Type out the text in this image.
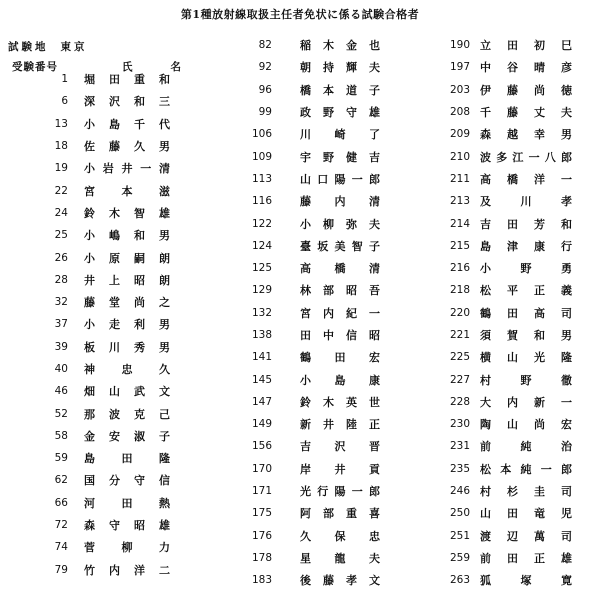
第1種放射線取扱主任者免状に係る試験合格者
試験地 東京
受験番号	氏名
1 堀田重和
6 深沢和三
13 小島千代
18 佐藤久男
19 小岩井一清
22 宮本滋
24 鈴木智雄
25 小嶋和男
26 小原嗣朗
28 井上昭朗
32 藤堂尚之
37 小走利男
39 板川秀男
40 神忠久
46 畑山武文
52 那波克己
58 金安淑子
59 島田隆
62 国分守信
66 河田熱
72 森守昭雄
74 菅柳力
79 竹内洋二
82	稲木金也
92	朝持輝夫
96	橋本道子
99	政野守雄
106	川崎了
109	宇野健吉
113	山口陽一郎
116	藤内清
122	小柳弥夫
124	臺坂美智子
125	高橋清
129	林部昭吾
132	宮内紀一
138	田中信昭
141	鶴田宏
145	小島康
147	鈴木英世
149	新井陸正
156	吉沢晋
170	岸井貢
171	光行陽一郎
175	阿部重喜
176	久保忠
178	星龍夫
183	後藤孝文
190 立田初巳
197 中谷晴彦
203 伊藤尚徳
208 千藤丈夫
209 森越幸男
210 波多江一八郎
211 高橋洋一
213 及川孝
214 吉田芳和
215 島津康行
216 小野勇
218 松平正義
220 鶴田高司
221 須賀和男
225 横山光隆
227 村野徹
228 大内新一
230 陶山尚宏
231 前純治
235 松本純一郎
246 村杉圭司
250 山田竜児
251 渡辺萬司
259 前田正雄
263 狐塚寛
